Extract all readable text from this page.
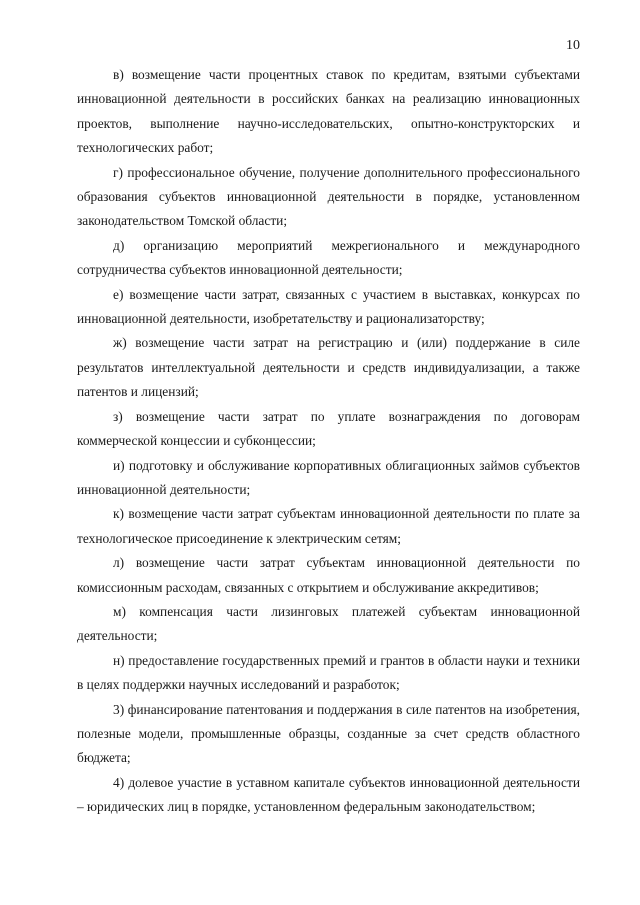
10

в) возмещение части процентных ставок по кредитам, взятыми субъектами инновационной деятельности в российских банках на реализацию инновационных проектов, выполнение научно-исследовательских, опытно-конструкторских и технологических работ;

г) профессиональное обучение, получение дополнительного профессионального образования субъектов инновационной деятельности в порядке, установленном законодательством Томской области;

д) организацию мероприятий межрегионального и международного сотрудничества субъектов инновационной деятельности;

е) возмещение части затрат, связанных с участием в выставках, конкурсах по инновационной деятельности, изобретательству и рационализаторству;

ж) возмещение части затрат на регистрацию и (или) поддержание в силе результатов интеллектуальной деятельности и средств индивидуализации, а также патентов и лицензий;

з) возмещение части затрат по уплате вознаграждения по договорам коммерческой концессии и субконцессии;

и) подготовку и обслуживание корпоративных облигационных займов субъектов инновационной деятельности;

к) возмещение части затрат субъектам инновационной деятельности по плате за технологическое присоединение к электрическим сетям;

л) возмещение части затрат субъектам инновационной деятельности по комиссионным расходам, связанных с открытием и обслуживание аккредитивов;

м) компенсация части лизинговых платежей субъектам инновационной деятельности;

н) предоставление государственных премий и грантов в области науки и техники в целях поддержки научных исследований и разработок;

3) финансирование патентования и поддержания в силе патентов на изобретения, полезные модели, промышленные образцы, созданные за счет средств областного бюджета;

4) долевое участие в уставном капитале субъектов инновационной деятельности – юридических лиц в порядке, установленном федеральным законодательством;
